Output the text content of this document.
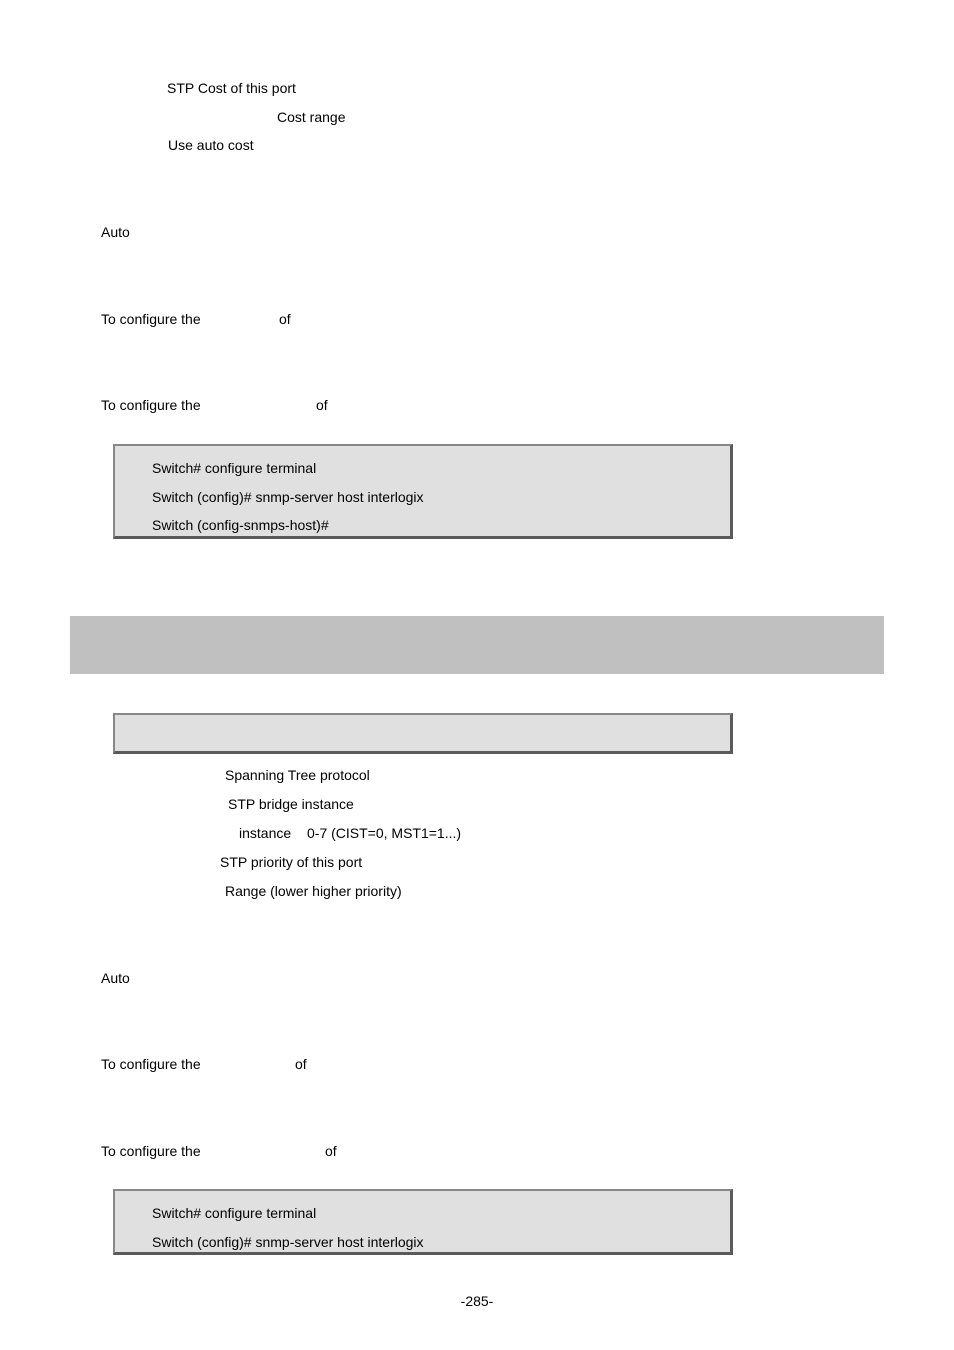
STP Cost of this port
Cost range
Use auto cost
Auto
To configure the	of
To configure the	of
Switch# configure terminal
Switch (config)# snmp-server host interlogix
Switch (config-snmps-host)#
Spanning Tree protocol
STP bridge instance
instance 0-7 (CIST=0, MST1=1...)
STP priority of this port
Range (lower higher priority)
Auto
To configure the	of
To configure the	of
Switch# configure terminal
Switch (config)# snmp-server host interlogix
-285-
